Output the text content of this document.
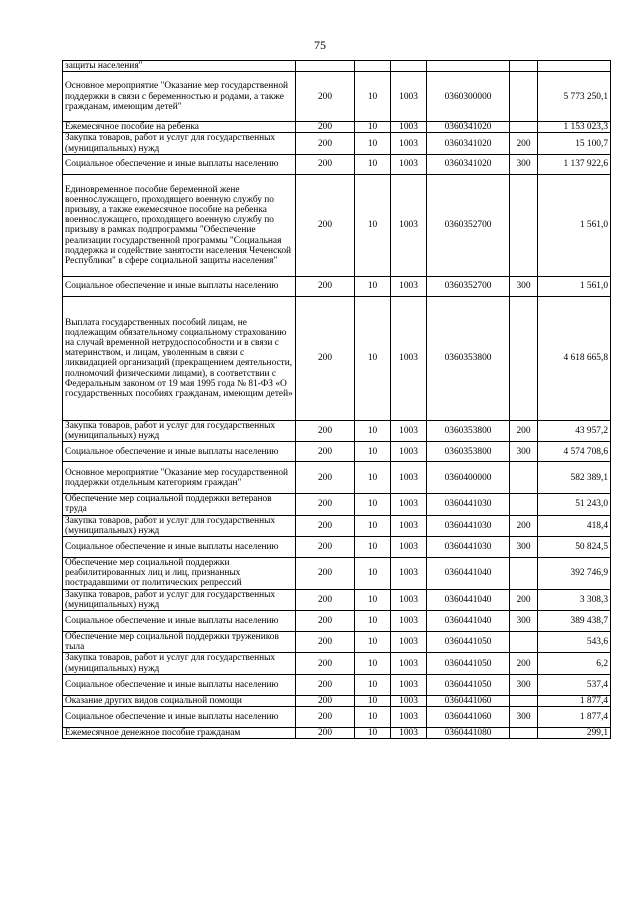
75
защиты населения"						
Основное мероприятие "Оказание мер государственной поддержки в связи с беременностью и родами, а также гражданам, имеющим детей"	200	10	1003	0360300000		5 773 250,1
Ежемесячное пособие на ребенка	200	10	1003	0360341020		1 153 023,3
Закупка товаров, работ и услуг для государственных (муниципальных) нужд	200	10	1003	0360341020	200	15 100,7
Социальное обеспечение и иные выплаты населению	200	10	1003	0360341020	300	1 137 922,6
Единовременное пособие беременной жене военнослужащего, проходящего военную службу по призыву, а также ежемесячное пособие на ребенка военнослужащего, проходящего военную службу по призыву в рамках подпрограммы "Обеспечение реализации государственной программы "Социальная поддержка и содействие занятости населения Чеченской Республики" в сфере социальной защиты населения"	200	10	1003	0360352700		1 561,0
Социальное обеспечение и иные выплаты населению	200	10	1003	0360352700	300	1 561,0
Выплата государственных пособий лицам, не подлежащим обязательному социальному страхованию на случай временной нетрудоспособности и в связи с материнством, и лицам, уволенным в связи с ликвидацией организаций (прекращением деятельности, полномочий физическими лицами), в соответствии с Федеральным законом от 19 мая 1995 года № 81-ФЗ «О государственных пособиях гражданам, имеющим детей»	200	10	1003	0360353800		4 618 665,8
Закупка товаров, работ и услуг для государственных (муниципальных) нужд	200	10	1003	0360353800	200	43 957,2
Социальное обеспечение и иные выплаты населению	200	10	1003	0360353800	300	4 574 708,6
Основное мероприятие "Оказание мер государственной поддержки отдельным категориям граждан"	200	10	1003	0360400000		582 389,1
Обеспечение мер социальной поддержки ветеранов труда	200	10	1003	0360441030		51 243,0
Закупка товаров, работ и услуг для государственных (муниципальных) нужд	200	10	1003	0360441030	200	418,4
Социальное обеспечение и иные выплаты населению	200	10	1003	0360441030	300	50 824,5
Обеспечение мер социальной поддержки реабилитированных лиц и лиц, признанных пострадавшими от политических репрессий	200	10	1003	0360441040		392 746,9
Закупка товаров, работ и услуг для государственных (муниципальных) нужд	200	10	1003	0360441040	200	3 308,3
Социальное обеспечение и иные выплаты населению	200	10	1003	0360441040	300	389 438,7
Обеспечение мер социальной поддержки тружеников тыла	200	10	1003	0360441050		543,6
Закупка товаров, работ и услуг для государственных (муниципальных) нужд	200	10	1003	0360441050	200	6,2
Социальное обеспечение и иные выплаты населению	200	10	1003	0360441050	300	537,4
Оказание других видов социальной помощи	200	10	1003	0360441060		1 877,4
Социальное обеспечение и иные выплаты населению	200	10	1003	0360441060	300	1 877,4
Ежемесячное денежное пособие гражданам	200	10	1003	0360441080		299,1
